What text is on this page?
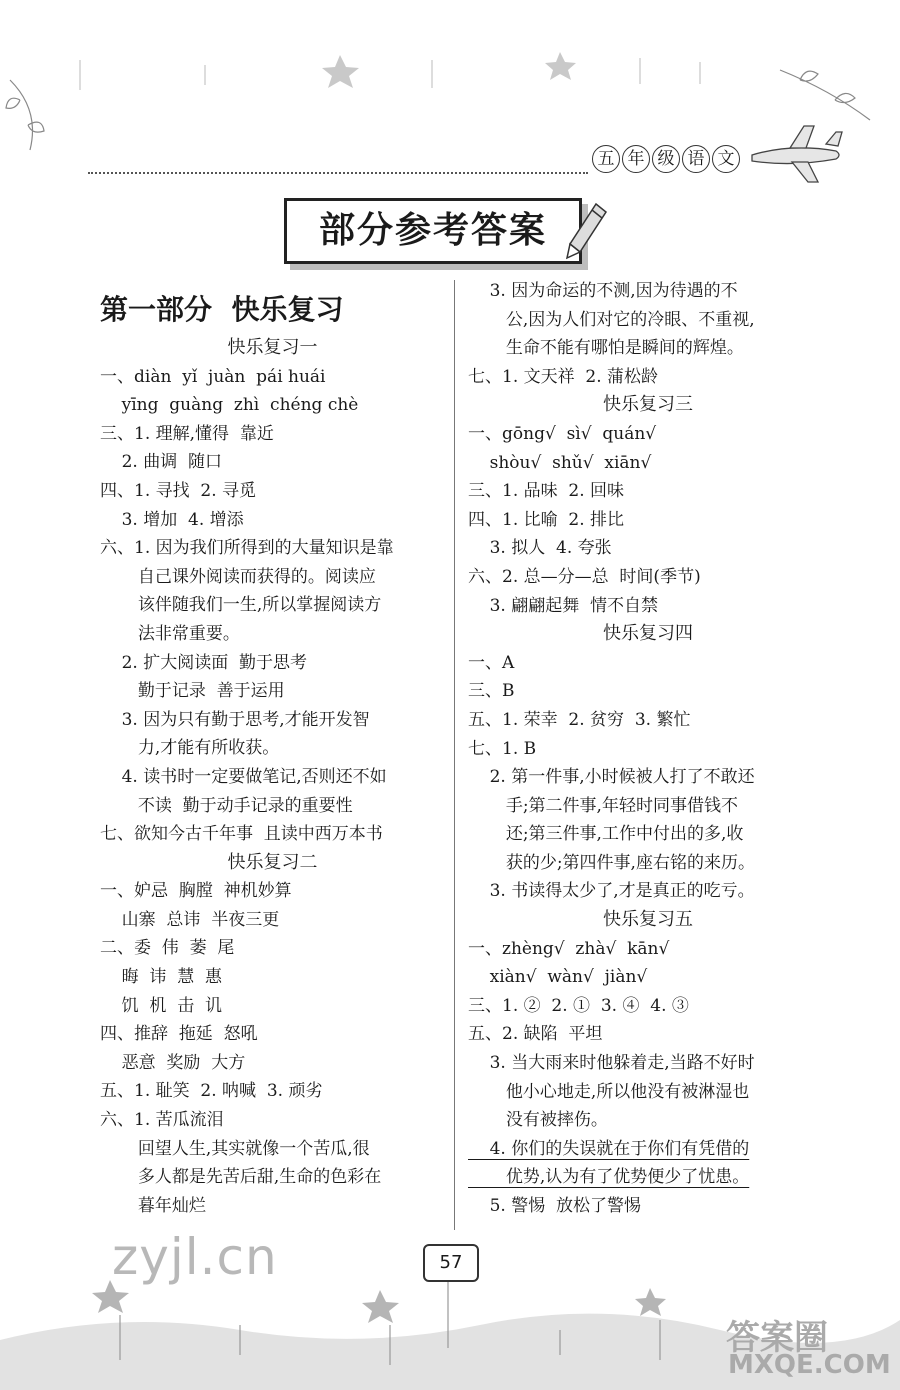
五 年 级 语 文
部分参考答案
第一部分  快乐复习
快乐复习一
一、diàn  yǐ  juàn  pái huái
yīng  guàng  zhì  chéng chè
三、1. 理解,懂得  靠近
2. 曲调  随口
四、1. 寻找  2. 寻觅
3. 增加  4. 增添
六、1. 因为我们所得到的大量知识是靠
自己课外阅读而获得的。阅读应
该伴随我们一生,所以掌握阅读方
法非常重要。
2. 扩大阅读面  勤于思考
勤于记录  善于运用
3. 因为只有勤于思考,才能开发智
力,才能有所收获。
4. 读书时一定要做笔记,否则还不如
不读  勤于动手记录的重要性
七、欲知今古千年事  且读中西万本书
快乐复习二
一、妒忌  胸膛  神机妙算
山寨  总讳  半夜三更
二、委  伟  萎  尾
晦  讳  慧  惠
饥  机  击  讥
四、推辞  拖延  怒吼
恶意  奖励  大方
五、1. 耻笑  2. 呐喊  3. 顽劣
六、1. 苦瓜流泪
回望人生,其实就像一个苦瓜,很
多人都是先苦后甜,生命的色彩在
暮年灿烂
3. 因为命运的不测,因为待遇的不
公,因为人们对它的冷眼、不重视,
生命不能有哪怕是瞬间的辉煌。
七、1. 文天祥  2. 蒲松龄
快乐复习三
一、gōng√  sì√  quán√
shòu√  shǔ√  xiān√
三、1. 品味  2. 回味
四、1. 比喻  2. 排比
3. 拟人  4. 夸张
六、2. 总—分—总  时间(季节)
3. 翩翩起舞  情不自禁
快乐复习四
一、A
三、B
五、1. 荣幸  2. 贫穷  3. 繁忙
七、1. B
2. 第一件事,小时候被人打了不敢还
手;第二件事,年轻时同事借钱不
还;第三件事,工作中付出的多,收
获的少;第四件事,座右铭的来历。
3. 书读得太少了,才是真正的吃亏。
快乐复习五
一、zhèng√  zhà√  kān√
xiàn√  wàn√  jiàn√
三、1. ②  2. ①  3. ④  4. ③
五、2. 缺陷  平坦
3. 当大雨来时他躲着走,当路不好时
他小心地走,所以他没有被淋湿也
没有被摔伤。
4. 你们的失误就在于你们有凭借的
优势,认为有了优势便少了忧患。
5. 警惕  放松了警惕
57
zyjl.cn
答案圈
MXQE.COM
